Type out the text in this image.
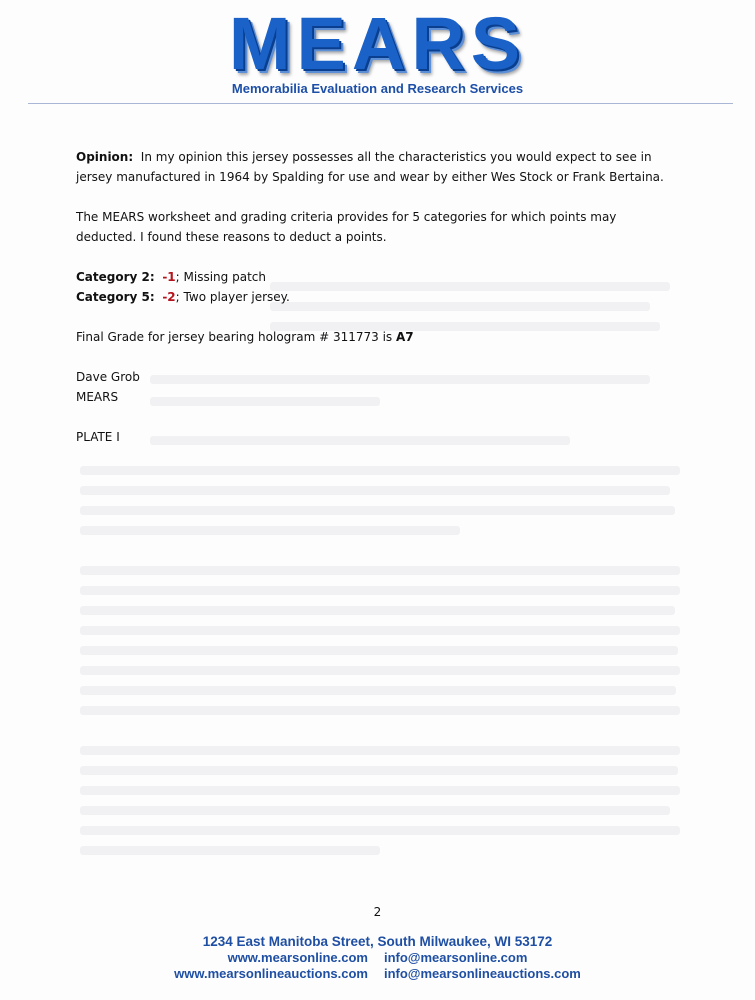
MEARS
Memorabilia Evaluation and Research Services

Opinion: In my opinion this jersey possesses all the characteristics you would expect to see in jersey manufactured in 1964 by Spalding for use and wear by either Wes Stock or Frank Bertaina.

The MEARS worksheet and grading criteria provides for 5 categories for which points may deducted. I found these reasons to deduct a points.

Category 2: -1; Missing patch
Category 5: -2; Two player jersey.

Final Grade for jersey bearing hologram # 311773 is A7

Dave Grob
MEARS

PLATE I

2
1234 East Manitoba Street, South Milwaukee, WI 53172
www.mearsonline.com info@mearsonline.com
www.mearsonlineauctions.com info@mearsonlineauctions.com
